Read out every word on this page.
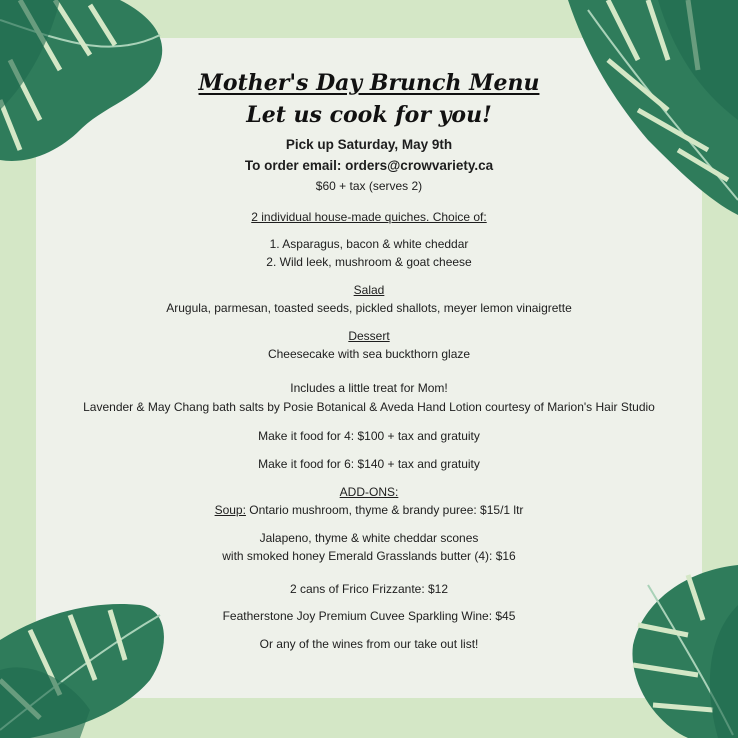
Mother's Day Brunch Menu
Let us cook for you!
Pick up Saturday, May 9th
To order email: orders@crowvariety.ca
$60 + tax (serves 2)
2 individual house-made quiches. Choice of:
1. Asparagus, bacon & white cheddar
2. Wild leek, mushroom & goat cheese
Salad
Arugula, parmesan, toasted seeds, pickled shallots, meyer lemon vinaigrette
Dessert
Cheesecake with sea buckthorn glaze
Includes a little treat for Mom!
Lavender & May Chang bath salts by Posie Botanical & Aveda Hand Lotion courtesy of Marion's Hair Studio
Make it food for 4: $100 + tax and gratuity
Make it food for 6: $140 + tax and gratuity
ADD-ONS:
Soup: Ontario mushroom, thyme & brandy puree: $15/1 ltr
Jalapeno, thyme & white cheddar scones
with smoked honey Emerald Grasslands butter (4): $16
2 cans of Frico Frizzante: $12
Featherstone Joy Premium Cuvee Sparkling Wine: $45
Or any of the wines from our take out list!
